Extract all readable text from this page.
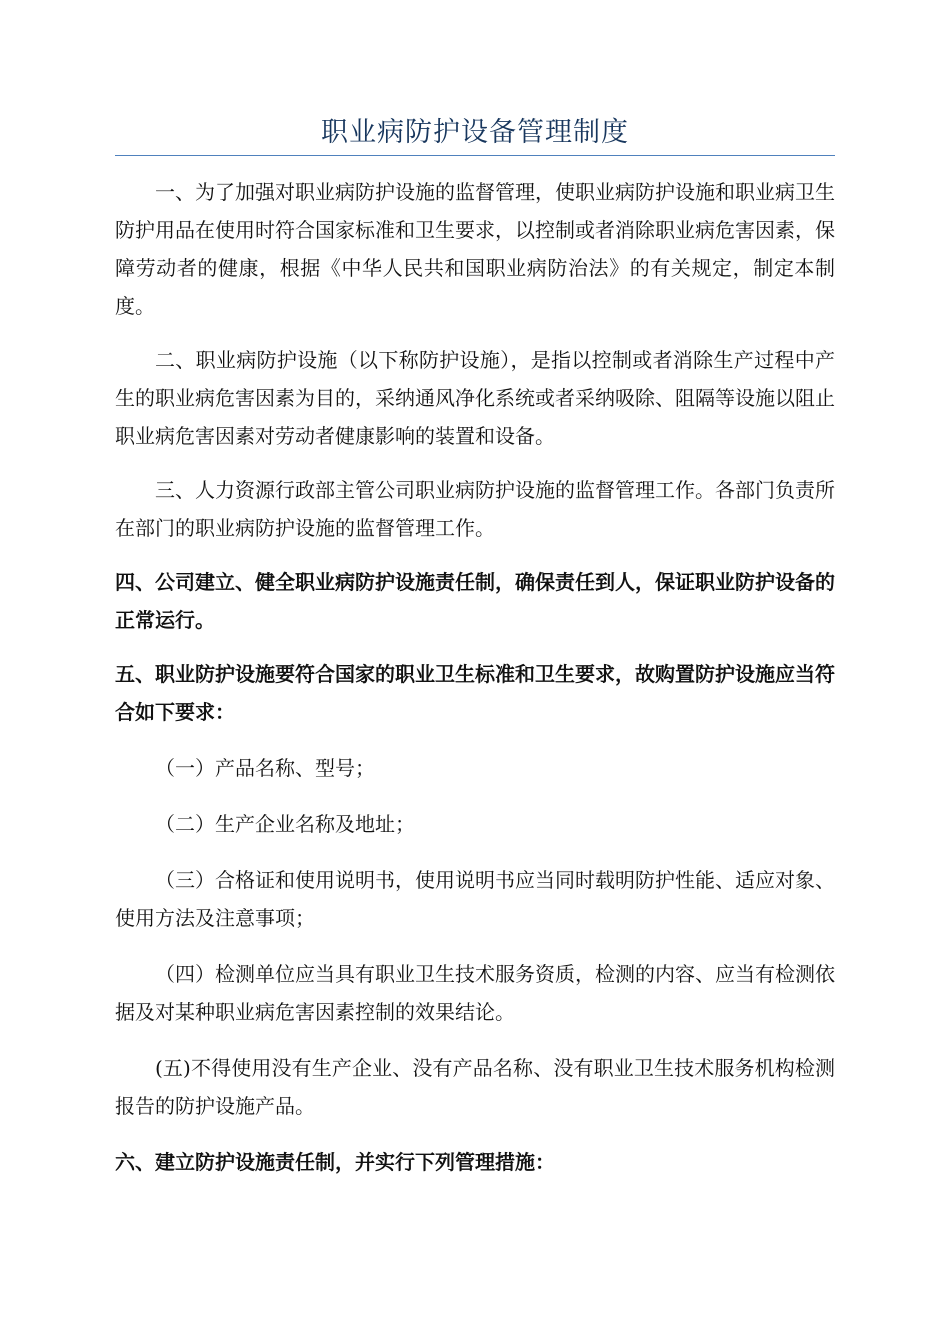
职业病防护设备管理制度

一、为了加强对职业病防护设施的监督管理，使职业病防护设施和职业病卫生防护用品在使用时符合国家标准和卫生要求，以控制或者消除职业病危害因素，保障劳动者的健康，根据《中华人民共和国职业病防治法》的有关规定，制定本制度。

二、职业病防护设施（以下称防护设施），是指以控制或者消除生产过程中产生的职业病危害因素为目的，采纳通风净化系统或者采纳吸除、阻隔等设施以阻止职业病危害因素对劳动者健康影响的装置和设备。

三、人力资源行政部主管公司职业病防护设施的监督管理工作。各部门负责所在部门的职业病防护设施的监督管理工作。

四、公司建立、健全职业病防护设施责任制，确保责任到人，保证职业防护设备的正常运行。

五、职业防护设施要符合国家的职业卫生标准和卫生要求，故购置防护设施应当符合如下要求：

（一）产品名称、型号；

（二）生产企业名称及地址；

（三）合格证和使用说明书，使用说明书应当同时载明防护性能、适应对象、使用方法及注意事项；

（四）检测单位应当具有职业卫生技术服务资质，检测的内容、应当有检测依据及对某种职业病危害因素控制的效果结论。

(五)不得使用没有生产企业、没有产品名称、没有职业卫生技术服务机构检测报告的防护设施产品。

六、建立防护设施责任制，并实行下列管理措施：
